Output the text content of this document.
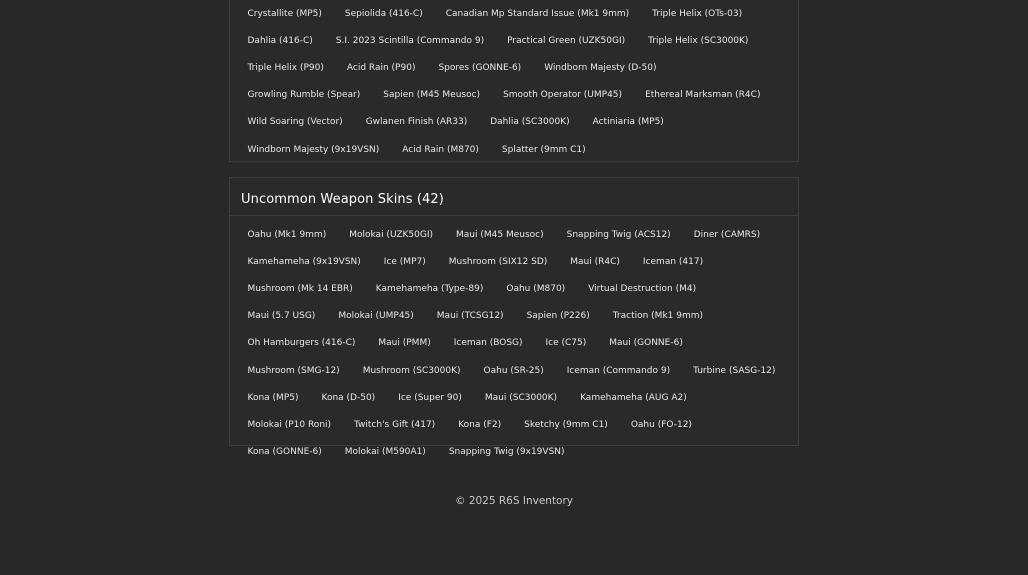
Crystallite (MP5)	Sepiolida (416-C)	Canadian Mp Standard Issue (Mk1 9mm)	Triple Helix (OTs-03)
Dahlia (416-C)	S.I. 2023 Scintilla (Commando 9)	Practical Green (UZK50GI)	Triple Helix (SC3000K)
Triple Helix (P90)	Acid Rain (P90)	Spores (GONNE-6)	Windborn Majesty (D-50)
Growling Rumble (Spear)	Sapien (M45 Meusoc)	Smooth Operator (UMP45)	Ethereal Marksman (R4C)
Wild Soaring (Vector)	Gwlanen Finish (AR33)	Dahlia (SC3000K)	Actiniaria (MP5)
Windborn Majesty (9x19VSN)	Acid Rain (M870)	Splatter (9mm C1)
Uncommon Weapon Skins (42)
Oahu (Mk1 9mm)	Molokai (UZK50GI)	Maui (M45 Meusoc)	Snapping Twig (ACS12)	Diner (CAMRS)
Kamehameha (9x19VSN)	Ice (MP7)	Mushroom (SIX12 SD)	Maui (R4C)	Iceman (417)
Mushroom (Mk 14 EBR)	Kamehameha (Type-89)	Oahu (M870)	Virtual Destruction (M4)
Maui (5.7 USG)	Molokai (UMP45)	Maui (TCSG12)	Sapien (P226)	Traction (Mk1 9mm)
Oh Hamburgers (416-C)	Maui (PMM)	Iceman (BOSG)	Ice (C75)	Maui (GONNE-6)
Mushroom (SMG-12)	Mushroom (SC3000K)	Oahu (SR-25)	Iceman (Commando 9)	Turbine (SASG-12)
Kona (MP5)	Kona (D-50)	Ice (Super 90)	Maui (SC3000K)	Kamehameha (AUG A2)
Molokai (P10 Roni)	Twitch's Gift (417)	Kona (F2)	Sketchy (9mm C1)	Oahu (FO-12)
Kona (GONNE-6)	Molokai (M590A1)	Snapping Twig (9x19VSN)
© 2025 R6S Inventory
